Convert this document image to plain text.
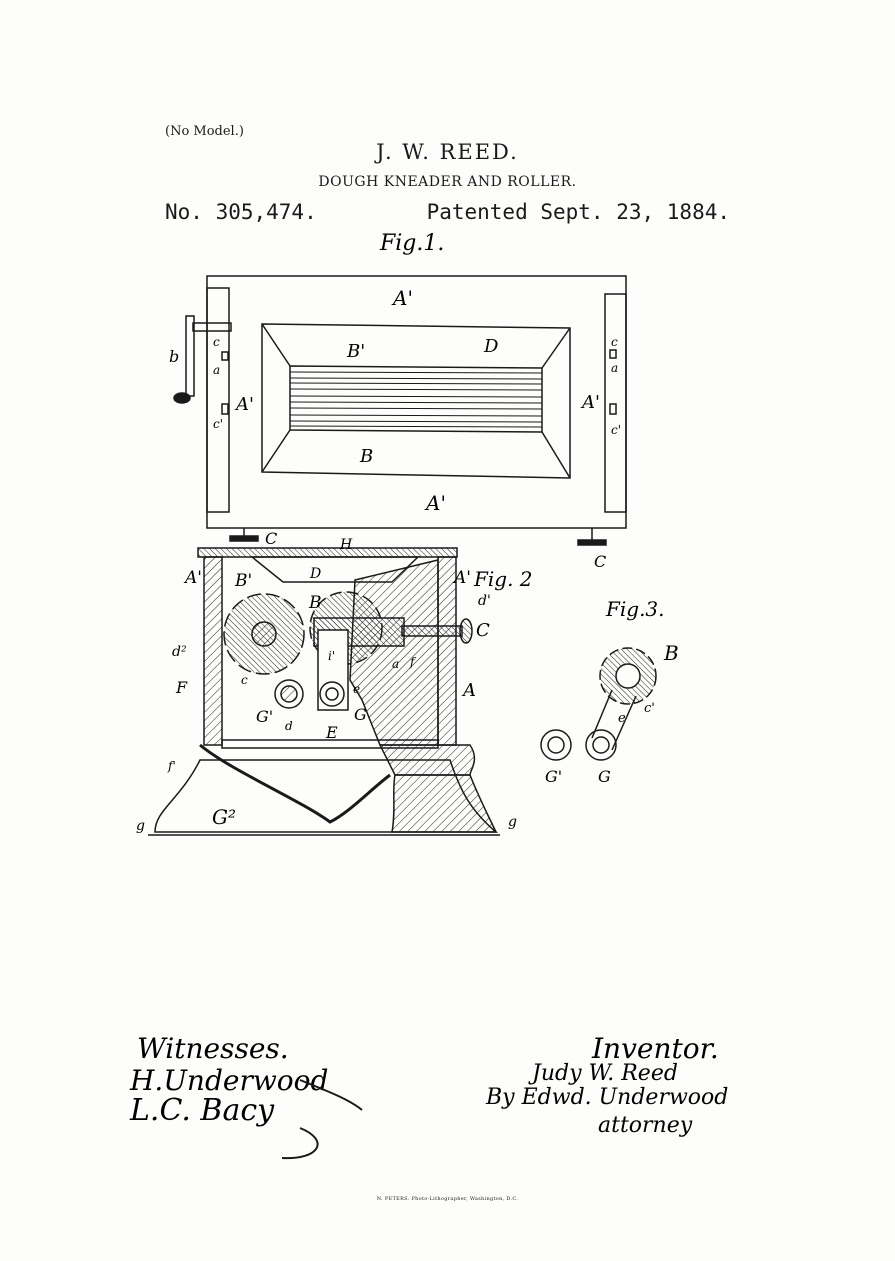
(No Model.)
J. W. REED.
DOUGH KNEADER AND ROLLER.
No. 305,474.	Patented Sept. 23, 1884.
Fig.1.
A'
B'	D
A'	A'
B
A'
b
c
a
c'
c
a
c'
C
C
Fig. 2
H
D
A' B'
B
A'
d'
C
d²
c
i'
a f
e	A
F
G' d
G
E
f'
G²
g	g
Fig.3.
B
c'
e
G' G
Witnesses.
H.Underwood
L.C. Bacy
Inventor.
Judy W. Reed
By Edwd. Underwood
attorney
N. PETERS. Photo-Lithographer, Washington, D.C.
